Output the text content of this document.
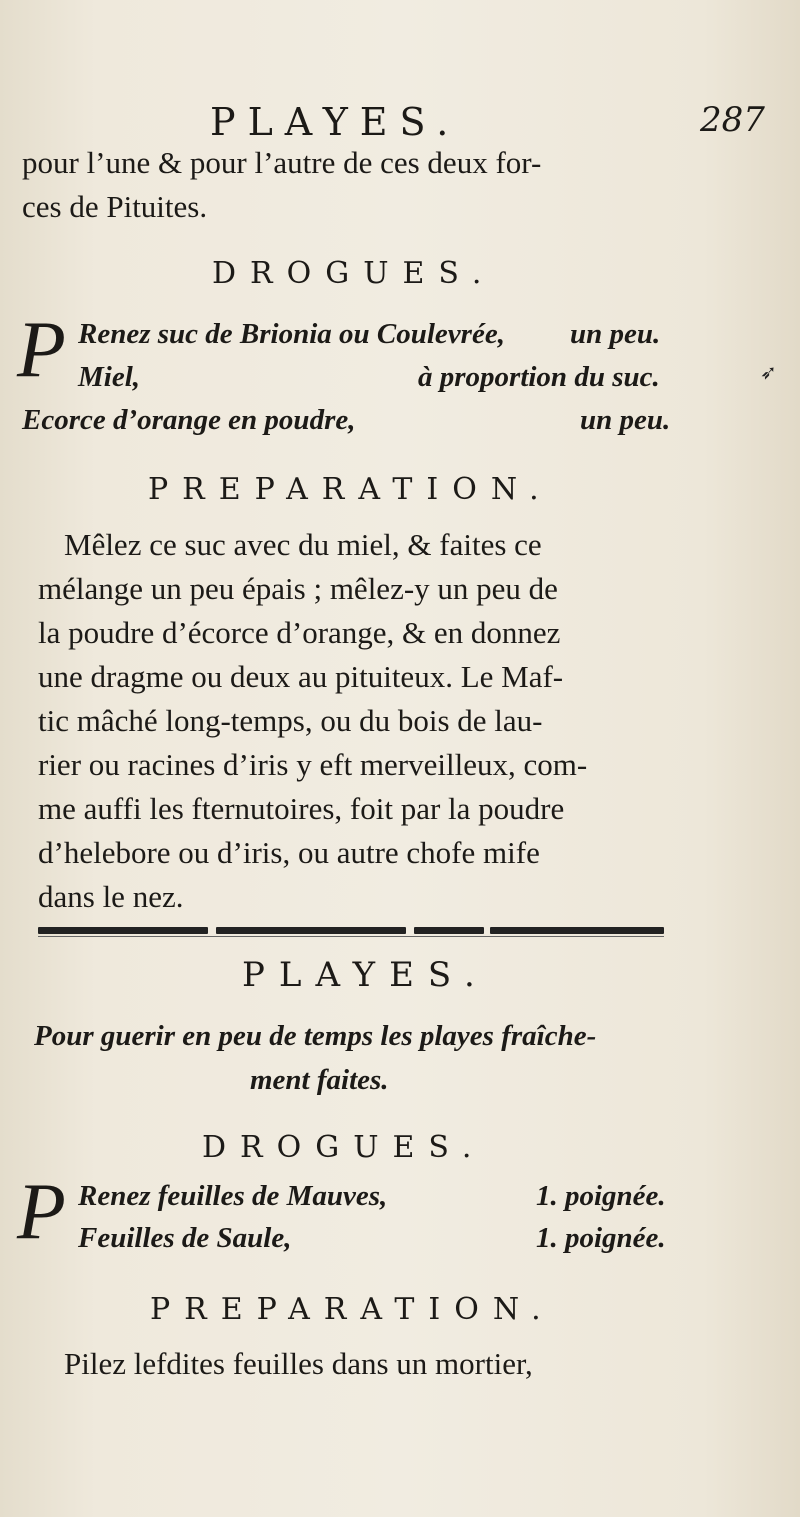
PLAYES.	287
pour l’une & pour l’autre de ces deux for-
ces de Pituites.
DROGUES.
P Renez suc de Brionia ou Coulevrée, un peu.
Miel,	à proportion du suc.
Ecorce d’orange en poudre,	un peu.
➶
PREPARATION.
Mêlez ce suc avec du miel, & faites ce
mélange un peu épais ; mêlez-y un peu de
la poudre d’écorce d’orange, & en donnez
une dragme ou deux au pituiteux. Le Maf-
tic mâché long-temps, ou du bois de lau-
rier ou racines d’iris y eft merveilleux, com-
me auffi les fternutoires, foit par la poudre
d’helebore ou d’iris, ou autre chofe mife
dans le nez.
PLAYES.
Pour guerir en peu de temps les playes fraîche-
ment faites.
DROGUES.
P Renez feuilles de Mauves,	1. poignée.
Feuilles de Saule,	1. poignée.
PREPARATION.
Pilez lefdites feuilles dans un mortier,
